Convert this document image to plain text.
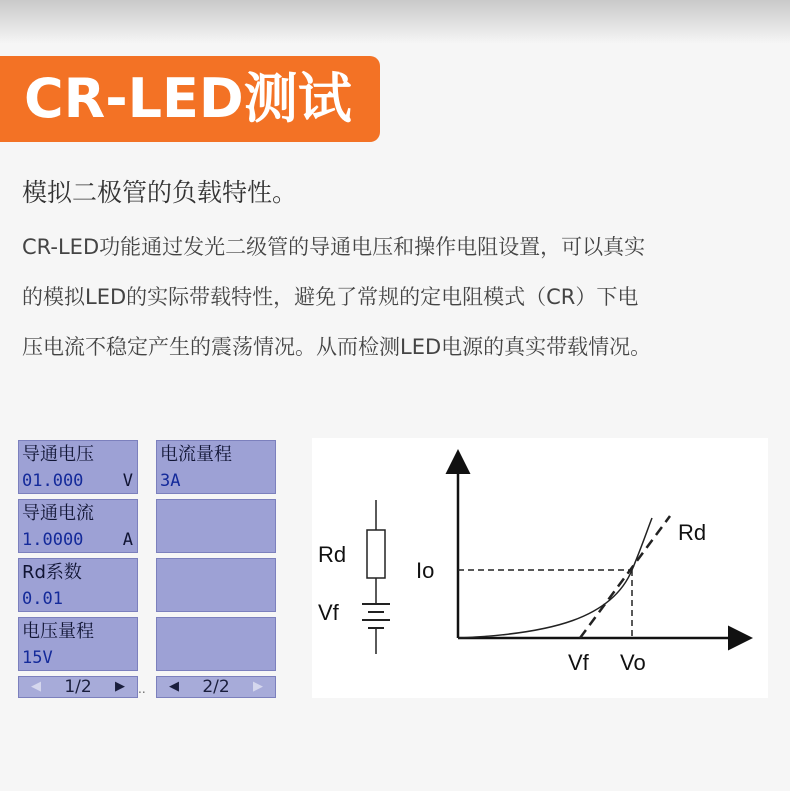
CR-LED测试
模拟二极管的负载特性。

CR-LED功能通过发光二级管的导通电压和操作电阻设置，可以真实
的模拟LED的实际带载特性，避免了常规的定电阻模式（CR）下电
压电流不稳定产生的震荡情况。从而检测LED电源的真实带载情况。

导通电压
01.000 V
导通电流
1.0000 A
Rd系数
0.01
电压量程
15V
◀	1/2	▶ ..
电流量程
3A
◀	2/2	▶
Rd
Vf
Io
Rd
Vf Vo
